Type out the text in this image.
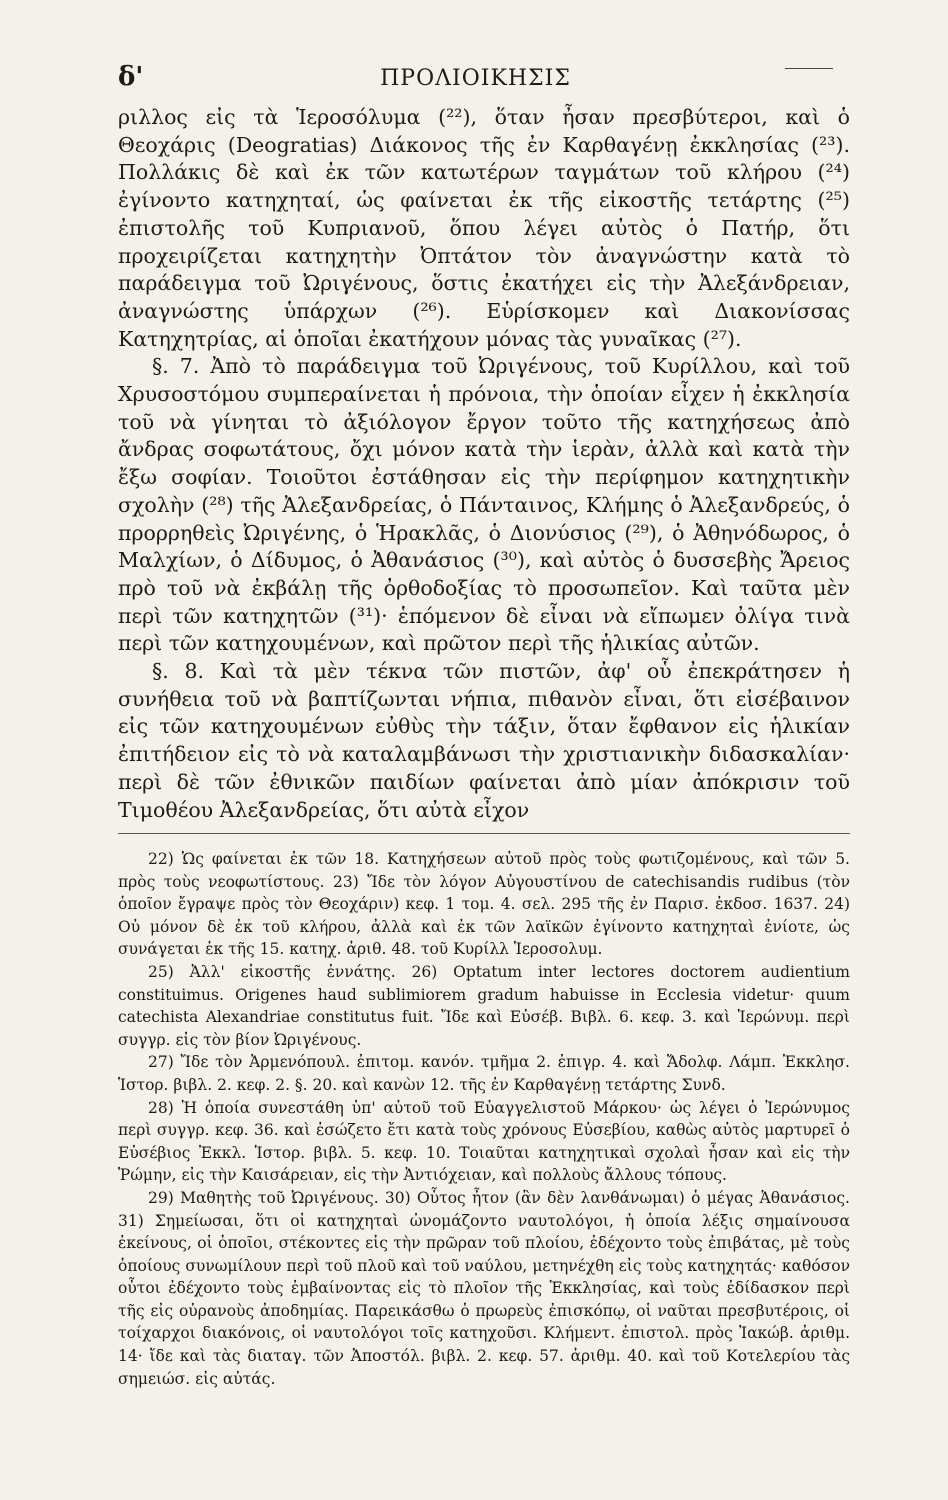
δ'	ΠΡΟΛΙΟΙΚΗΣΙΣ

ριλλος εἰς τὰ Ἱεροσόλυμα (²²), ὅταν ἦσαν πρεσβύτεροι, καὶ ὁ Θεοχάρις (Deogratias) Διάκονος τῆς ἐν Καρθαγένῃ ἐκκλησίας (²³). Πολλάκις δὲ καὶ ἐκ τῶν κατωτέρων ταγμάτων τοῦ κλήρου (²⁴) ἐγίνοντο κατηχηταί, ὡς φαίνεται ἐκ τῆς εἰκοστῆς τετάρτης (²⁵) ἐπιστολῆς τοῦ Κυπριανοῦ, ὅπου λέγει αὐτὸς ὁ Πατήρ, ὅτι προχειρίζεται κατηχητὴν Ὀπτάτον τὸν ἀναγνώστην κατὰ τὸ παράδειγμα τοῦ Ὠριγένους, ὅστις ἐκατήχει εἰς τὴν Ἀλεξάνδρειαν, ἀναγνώστης ὑπάρχων (²⁶). Εὑρίσκομεν καὶ Διακονίσσας Κατηχητρίας, αἱ ὁποῖαι ἐκατήχουν μόνας τὰς γυναῖκας (²⁷).

§. 7. Ἀπὸ τὸ παράδειγμα τοῦ Ὠριγένους, τοῦ Κυρίλλου, καὶ τοῦ Χρυσοστόμου συμπεραίνεται ἡ πρόνοια, τὴν ὁποίαν εἶχεν ἡ ἐκκλησία τοῦ νὰ γίνηται τὸ ἀξιόλογον ἔργον τοῦτο τῆς κατηχήσεως ἀπὸ ἄνδρας σοφωτάτους, ὄχι μόνον κατὰ τὴν ἱερὰν, ἀλλὰ καὶ κατὰ τὴν ἔξω σοφίαν. Τοιοῦτοι ἐστάθησαν εἰς τὴν περίφημον κατηχητικὴν σχολὴν (²⁸) τῆς Ἀλεξανδρείας, ὁ Πάνταινος, Κλήμης ὁ Ἀλεξανδρεύς, ὁ προρρηθεὶς Ὠριγένης, ὁ Ἡρακλᾶς, ὁ Διονύσιος (²⁹), ὁ Ἀθηνόδωρος, ὁ Μαλχίων, ὁ Δίδυμος, ὁ Ἀθανάσιος (³⁰), καὶ αὐτὸς ὁ δυσσεβὴς Ἄρειος πρὸ τοῦ νὰ ἐκβάλῃ τῆς ὀρθοδοξίας τὸ προσωπεῖον. Καὶ ταῦτα μὲν περὶ τῶν κατηχητῶν (³¹)· ἑπόμενον δὲ εἶναι νὰ εἴπωμεν ὀλίγα τινὰ περὶ τῶν κατηχουμένων, καὶ πρῶτον περὶ τῆς ἡλικίας αὐτῶν.

§. 8. Καὶ τὰ μὲν τέκνα τῶν πιστῶν, ἀφ' οὗ ἐπεκράτησεν ἡ συνήθεια τοῦ νὰ βαπτίζωνται νήπια, πιθανὸν εἶναι, ὅτι εἰσέβαινον εἰς τῶν κατηχουμένων εὐθὺς τὴν τάξιν, ὅταν ἔφθανον εἰς ἡλικίαν ἐπιτήδειον εἰς τὸ νὰ καταλαμβάνωσι τὴν χριστιανικὴν διδασκαλίαν· περὶ δὲ τῶν ἐθνικῶν παιδίων φαίνεται ἀπὸ μίαν ἀπόκρισιν τοῦ Τιμοθέου Ἀλεξανδρείας, ὅτι αὐτὰ εἶχον

22) Ὡς φαίνεται ἐκ τῶν 18. Κατηχήσεων αὐτοῦ πρὸς τοὺς φωτιζομένους, καὶ τῶν 5. πρὸς τοὺς νεοφωτίστους. 23) Ἴδε τὸν λόγον Αὐγουστίνου de catechisandis rudibus (τὸν ὁποῖον ἔγραψε πρὸς τὸν Θεοχάριν) κεφ. 1 τομ. 4. σελ. 295 τῆς ἐν Παρισ. ἐκδοσ. 1637. 24) Οὐ μόνον δὲ ἐκ τοῦ κλήρου, ἀλλὰ καὶ ἐκ τῶν λαϊκῶν ἐγίνοντο κατηχηταὶ ἐνίοτε, ὡς συνάγεται ἐκ τῆς 15. κατηχ. ἀριθ. 48. τοῦ Κυρίλλ Ἱεροσολυμ.

25) Ἀλλ' εἰκοστῆς ἐννάτης. 26) Optatum inter lectores doctorem audientium constituimus. Origenes haud sublimiorem gradum habuisse in Ecclesia videtur· quum catechista Alexandriae constitutus fuit. Ἴδε καὶ Εὐσέβ. Βιβλ. 6. κεφ. 3. καὶ Ἱερώνυμ. περὶ συγγρ. εἰς τὸν βίον Ὠριγένους.

27) Ἴδε τὸν Ἀρμενόπουλ. ἐπιτομ. κανόν. τμῆμα 2. ἐπιγρ. 4. καὶ Ἄδολφ. Λάμπ. Ἐκκλησ. Ἱστορ. βιβλ. 2. κεφ. 2. §. 20. καὶ κανὼν 12. τῆς ἐν Καρθαγένῃ τετάρτης Συνδ.

28) Ἡ ὁποία συνεστάθη ὑπ' αὐτοῦ τοῦ Εὐαγγελιστοῦ Μάρκου· ὡς λέγει ὁ Ἱερώνυμος περὶ συγγρ. κεφ. 36. καὶ ἐσώζετο ἔτι κατὰ τοὺς χρόνους Εὐσεβίου, καθὼς αὐτὸς μαρτυρεῖ ὁ Εὐσέβιος Ἐκκλ. Ἱστορ. βιβλ. 5. κεφ. 10. Τοιαῦται κατηχητικαὶ σχολαὶ ἦσαν καὶ εἰς τὴν Ῥώμην, εἰς τὴν Καισάρειαν, εἰς τὴν Ἀντιόχειαν, καὶ πολλοὺς ἄλλους τόπους.

29) Μαθητὴς τοῦ Ὠριγένους. 30) Οὗτος ἦτον (ἂν δὲν λανθάνωμαι) ὁ μέγας Ἀθανάσιος. 31) Σημείωσαι, ὅτι οἱ κατηχηταὶ ὠνομάζοντο ναυτολόγοι, ἡ ὁποία λέξις σημαίνουσα ἐκείνους, οἱ ὁποῖοι, στέκοντες εἰς τὴν πρῶραν τοῦ πλοίου, ἐδέχοντο τοὺς ἐπιβάτας, μὲ τοὺς ὁποίους συνωμίλουν περὶ τοῦ πλοῦ καὶ τοῦ ναύλου, μετηνέχθη εἰς τοὺς κατηχητάς· καθόσον οὗτοι ἐδέχοντο τοὺς ἐμβαίνοντας εἰς τὸ πλοῖον τῆς Ἐκκλησίας, καὶ τοὺς ἐδίδασκον περὶ τῆς εἰς οὐρανοὺς ἀποδημίας. Παρεικάσθω ὁ πρωρεὺς ἐπισκόπῳ, οἱ ναῦται πρεσβυτέροις, οἱ τοίχαρχοι διακόνοις, οἱ ναυτολόγοι τοῖς κατηχοῦσι. Κλήμεντ. ἐπιστολ. πρὸς Ἰακώβ. ἀριθμ. 14· ἴδε καὶ τὰς διαταγ. τῶν Ἀποστόλ. βιβλ. 2. κεφ. 57. ἀριθμ. 40. καὶ τοῦ Κοτελερίου τὰς σημειώσ. εἰς αὐτάς.
